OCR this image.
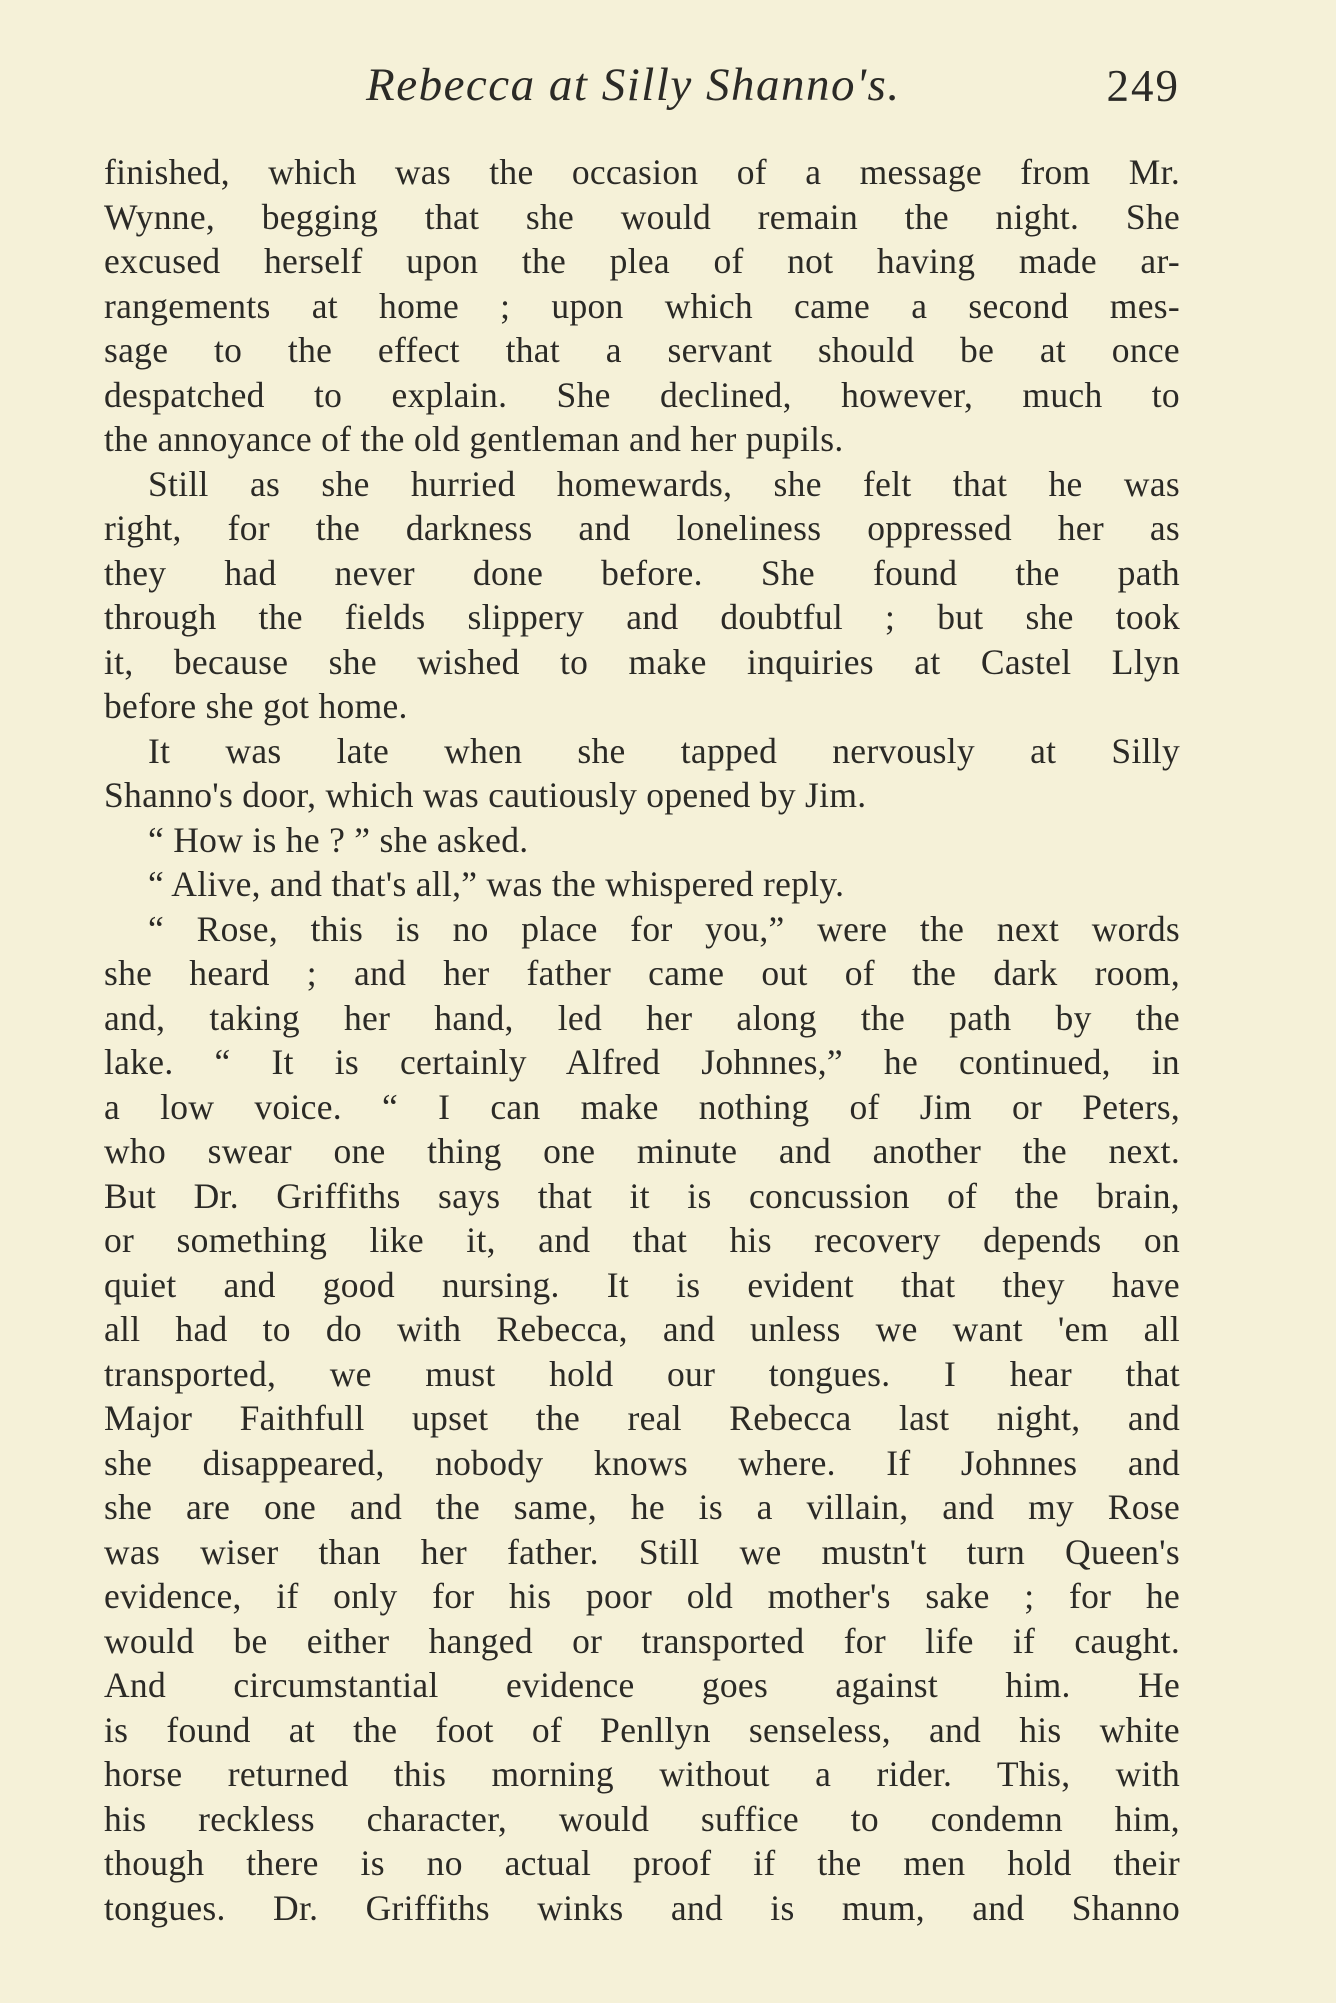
Rebecca at Silly Shanno's.	249
finished, which was the occasion of a message from Mr.
Wynne, begging that she would remain the night. She
excused herself upon the plea of not having made ar-
rangements at home ; upon which came a second mes-
sage to the effect that a servant should be at once
despatched to explain. She declined, however, much to
the annoyance of the old gentleman and her pupils.
Still as she hurried homewards, she felt that he was
right, for the darkness and loneliness oppressed her as
they had never done before. She found the path
through the fields slippery and doubtful ; but she took
it, because she wished to make inquiries at Castel Llyn
before she got home.
It was late when she tapped nervously at Silly
Shanno's door, which was cautiously opened by Jim.
“ How is he ? ” she asked.
“ Alive, and that's all,” was the whispered reply.
“ Rose, this is no place for you,” were the next words
she heard ; and her father came out of the dark room,
and, taking her hand, led her along the path by the
lake. “ It is certainly Alfred Johnnes,” he continued, in
a low voice. “ I can make nothing of Jim or Peters,
who swear one thing one minute and another the next.
But Dr. Griffiths says that it is concussion of the brain,
or something like it, and that his recovery depends on
quiet and good nursing. It is evident that they have
all had to do with Rebecca, and unless we want 'em all
transported, we must hold our tongues. I hear that
Major Faithfull upset the real Rebecca last night, and
she disappeared, nobody knows where. If Johnnes and
she are one and the same, he is a villain, and my Rose
was wiser than her father. Still we mustn't turn Queen's
evidence, if only for his poor old mother's sake ; for he
would be either hanged or transported for life if caught.
And circumstantial evidence goes against him. He
is found at the foot of Penllyn senseless, and his white
horse returned this morning without a rider. This, with
his reckless character, would suffice to condemn him,
though there is no actual proof if the men hold their
tongues. Dr. Griffiths winks and is mum, and Shanno
